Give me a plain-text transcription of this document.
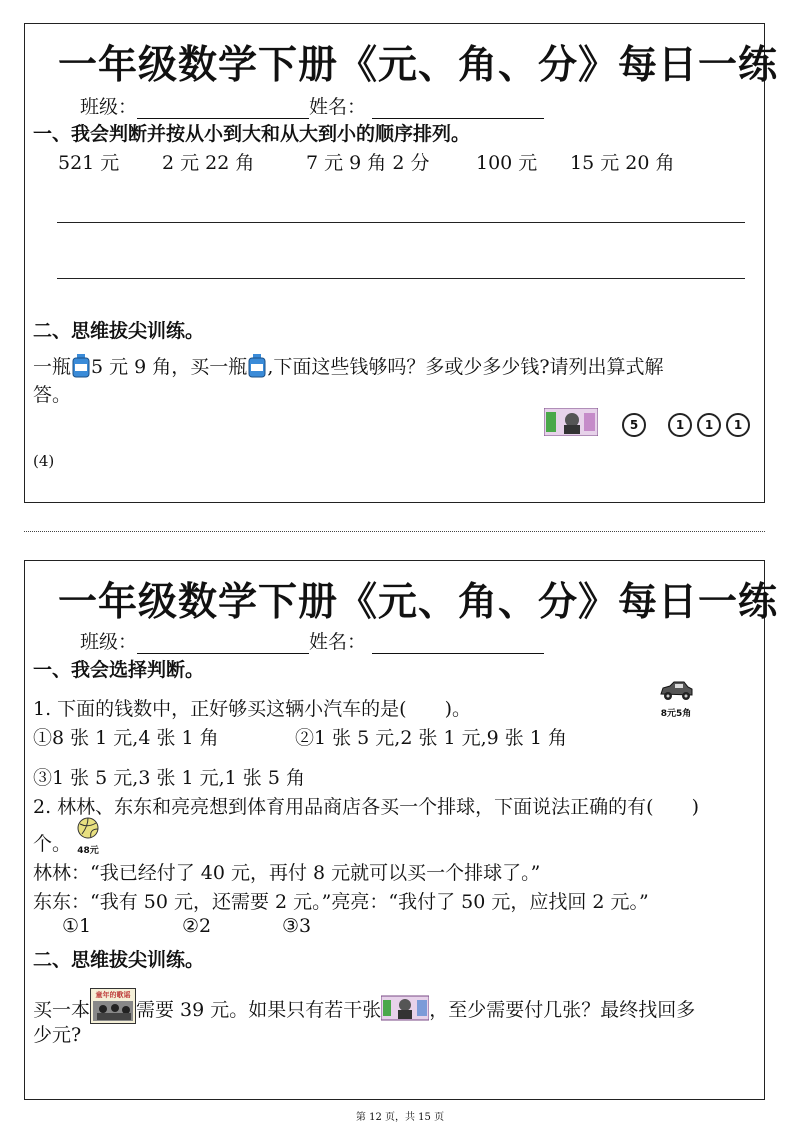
一年级数学下册《元、角、分》每日一练
班级：	姓名：
一、我会判断并按从小到大和从大到小的顺序排列。
521 元 2 元 22 角	7 元 9 角 2 分 100 元 15 元 20 角
二、思维拔尖训练。
一瓶 5 元 9 角，买一瓶 ,下面这些钱够吗？多或少多少钱?请列出算式解
答。
5	1 1 1
(4)
一年级数学下册《元、角、分》每日一练
班级：	姓名：
一、我会选择判断。
1. 下面的钱数中，正好够买这辆小汽车的是(　　)。	8元5角
①8 张 1 元,4 张 1 角	②1 张 5 元,2 张 1 元,9 张 1 角
③1 张 5 元,3 张 1 元,1 张 5 角
2. 林林、东东和亮亮想到体育用品商店各买一个排球，下面说法正确的有(　　)
个。 48元
林林：“我已经付了 40 元，再付 8 元就可以买一个排球了。”
东东：“我有 50 元，还需要 2 元。”亮亮：“我付了 50 元，应找回 2 元。”
①1	②2	③3
二、思维拔尖训练。
买一本
童年的歌谣
需要 39 元。如果只有若干张	，至少需要付几张？最终找回多
少元?
第 12 页，共 15 页
